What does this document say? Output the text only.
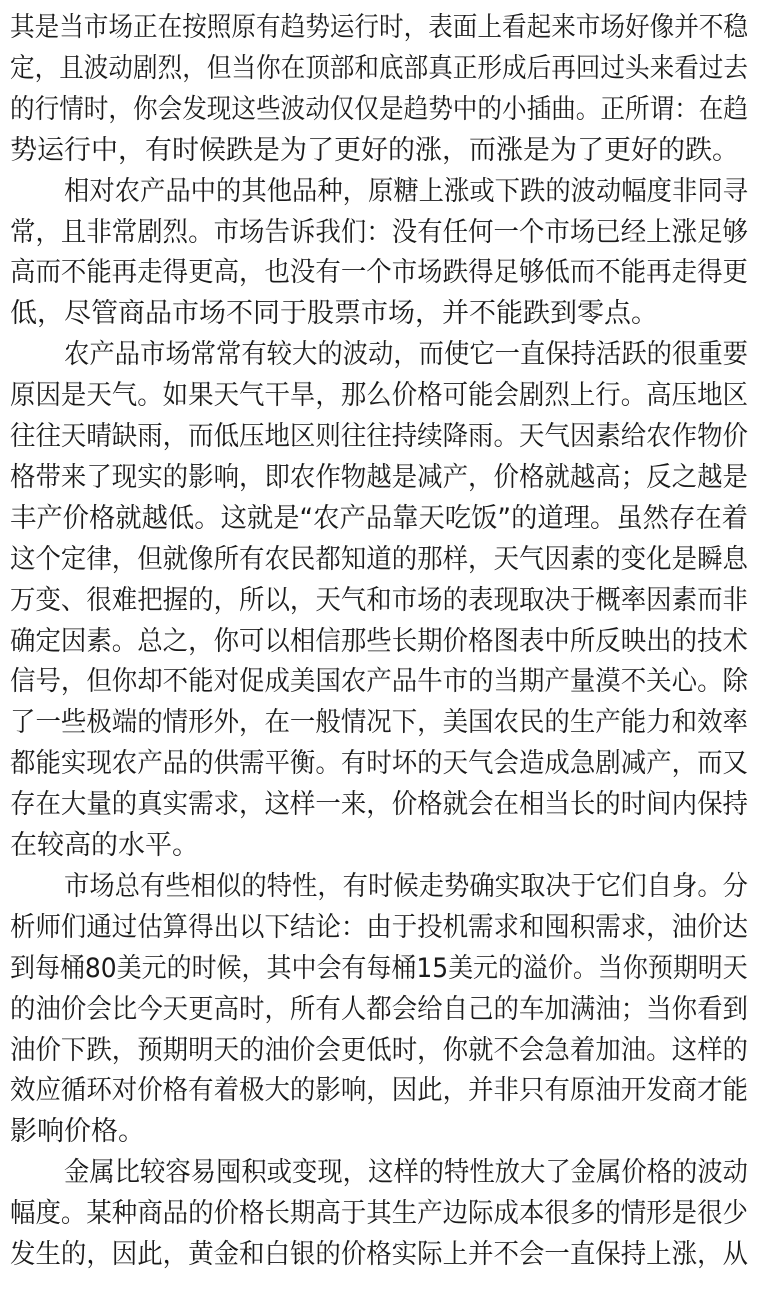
其是当市场正在按照原有趋势运行时，表面上看起来市场好像并不稳

定，且波动剧烈，但当你在顶部和底部真正形成后再回过头来看过去

的行情时，你会发现这些波动仅仅是趋势中的小插曲。正所谓：在趋

势运行中，有时候跌是为了更好的涨，而涨是为了更好的跌。

相对农产品中的其他品种，原糖上涨或下跌的波动幅度非同寻

常，且非常剧烈。市场告诉我们：没有任何一个市场已经上涨足够

高而不能再走得更高，也没有一个市场跌得足够低而不能再走得更

低，尽管商品市场不同于股票市场，并不能跌到零点。

农产品市场常常有较大的波动，而使它一直保持活跃的很重要

原因是天气。如果天气干旱，那么价格可能会剧烈上行。高压地区

往往天晴缺雨，而低压地区则往往持续降雨。天气因素给农作物价

格带来了现实的影响，即农作物越是减产，价格就越高；反之越是

丰产价格就越低。这就是“农产品靠天吃饭”的道理。虽然存在着

这个定律，但就像所有农民都知道的那样，天气因素的变化是瞬息

万变、很难把握的，所以，天气和市场的表现取决于概率因素而非

确定因素。总之，你可以相信那些长期价格图表中所反映出的技术

信号，但你却不能对促成美国农产品牛市的当期产量漠不关心。除

了一些极端的情形外，在一般情况下，美国农民的生产能力和效率

都能实现农产品的供需平衡。有时坏的天气会造成急剧减产，而又

存在大量的真实需求，这样一来，价格就会在相当长的时间内保持

在较高的水平。

市场总有些相似的特性，有时候走势确实取决于它们自身。分

析师们通过估算得出以下结论：由于投机需求和囤积需求，油价达

到每桶80美元的时候，其中会有每桶15美元的溢价。当你预期明天

的油价会比今天更高时，所有人都会给自己的车加满油；当你看到

油价下跌，预期明天的油价会更低时，你就不会急着加油。这样的

效应循环对价格有着极大的影响，因此，并非只有原油开发商才能

影响价格。

金属比较容易囤积或变现，这样的特性放大了金属价格的波动

幅度。某种商品的价格长期高于其生产边际成本很多的情形是很少

发生的，因此，黄金和白银的价格实际上并不会一直保持上涨，从
